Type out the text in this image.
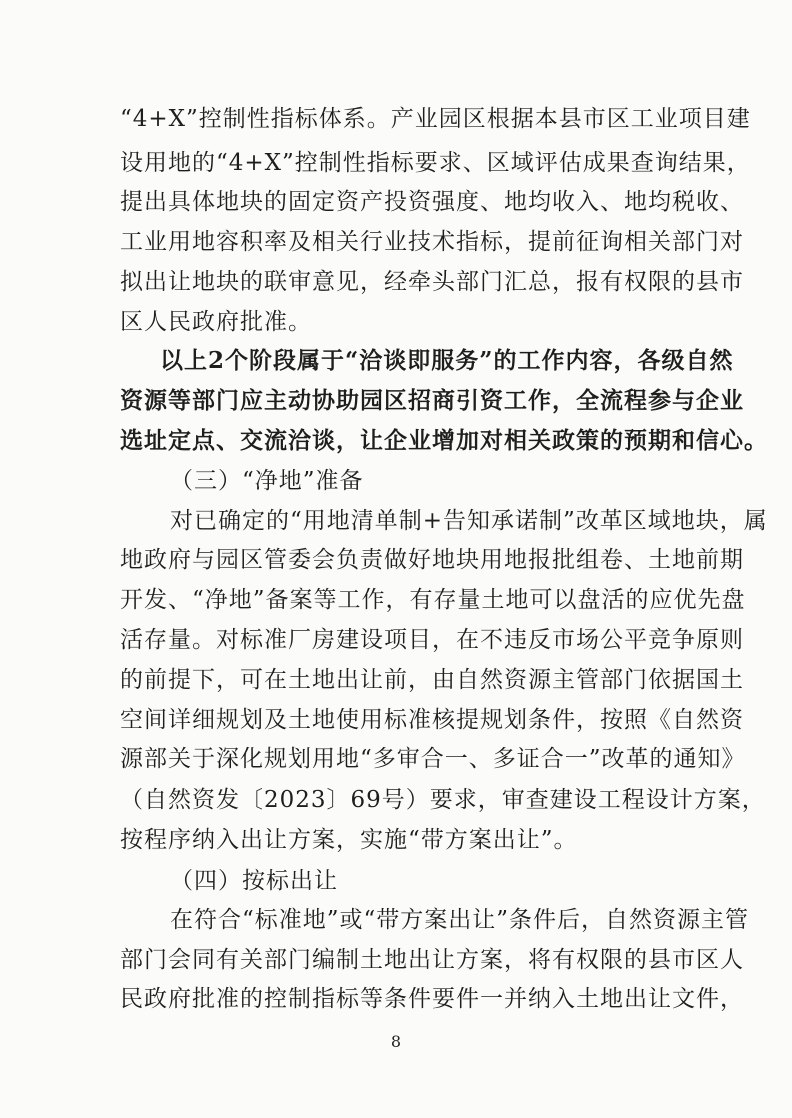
“4+X”控制性指标体系。产业园区根据本县市区工业项目建
设用地的“4+X”控制性指标要求、区域评估成果查询结果，
提出具体地块的固定资产投资强度、地均收入、地均税收、
工业用地容积率及相关行业技术指标，提前征询相关部门对
拟出让地块的联审意见，经牵头部门汇总，报有权限的县市
区人民政府批准。
以上2个阶段属于“洽谈即服务”的工作内容，各级自然
资源等部门应主动协助园区招商引资工作，全流程参与企业
选址定点、交流洽谈，让企业增加对相关政策的预期和信心。
（三）“净地”准备
对已确定的“用地清单制+告知承诺制”改革区域地块，属
地政府与园区管委会负责做好地块用地报批组卷、土地前期
开发、“净地”备案等工作，有存量土地可以盘活的应优先盘
活存量。对标准厂房建设项目，在不违反市场公平竞争原则
的前提下，可在土地出让前，由自然资源主管部门依据国土
空间详细规划及土地使用标准核提规划条件，按照《自然资
源部关于深化规划用地“多审合一、多证合一”改革的通知》
（自然资发〔2023〕69号）要求，审查建设工程设计方案，
按程序纳入出让方案，实施“带方案出让”。
（四）按标出让
在符合“标准地”或“带方案出让”条件后，自然资源主管
部门会同有关部门编制土地出让方案，将有权限的县市区人
民政府批准的控制指标等条件要件一并纳入土地出让文件，
8
